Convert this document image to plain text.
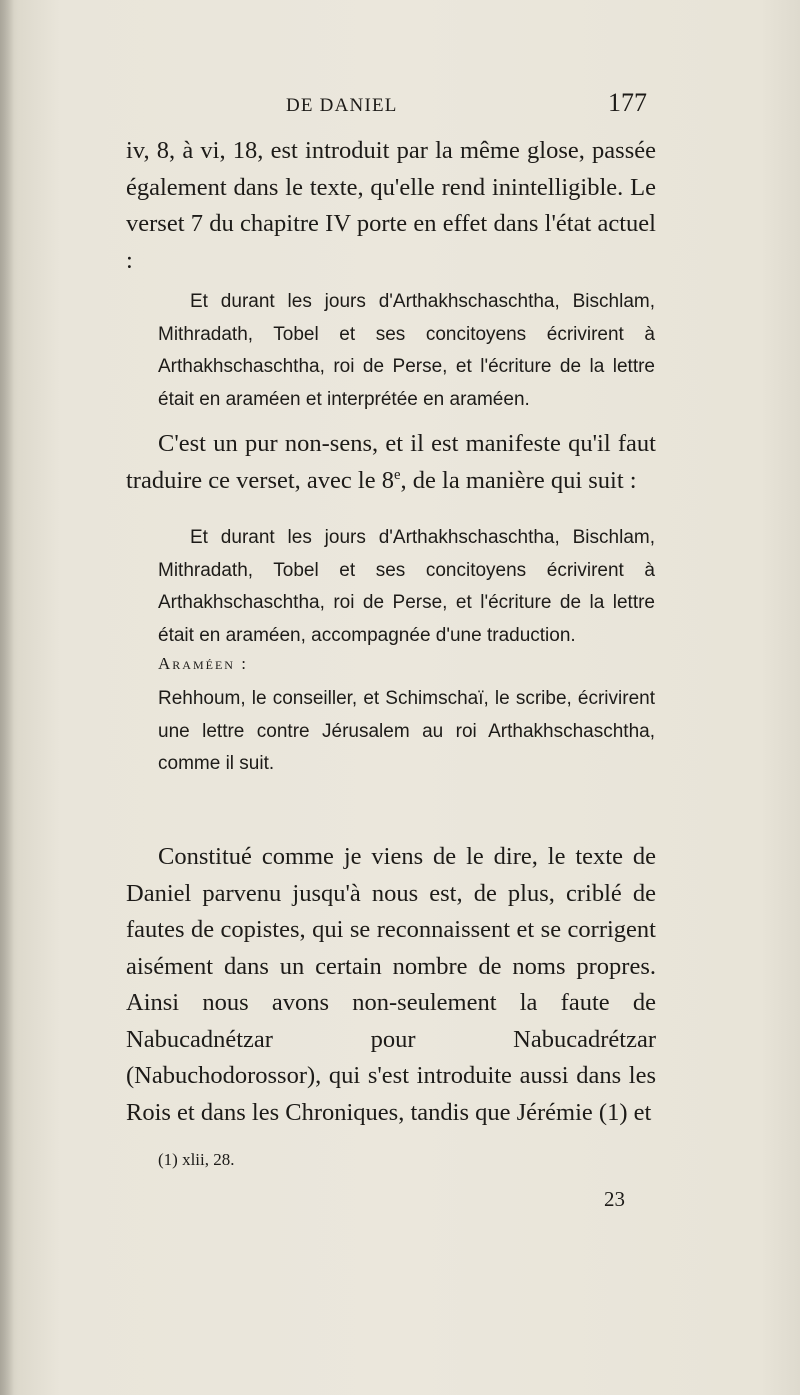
DE DANIEL	177

iv, 8, à vi, 18, est introduit par la même glose, passée également dans le texte, qu'elle rend inintelligible. Le verset 7 du chapitre IV porte en effet dans l'état actuel :

Et durant les jours d'Arthakhschaschtha, Bischlam, Mithradath, Tobel et ses concitoyens écrivirent à Arthakhschaschtha, roi de Perse, et l'écriture de la lettre était en araméen et interprétée en araméen.

C'est un pur non-sens, et il est manifeste qu'il faut traduire ce verset, avec le 8e, de la manière qui suit :

Et durant les jours d'Arthakhschaschtha, Bischlam, Mithradath, Tobel et ses concitoyens écrivirent à Arthakhschaschtha, roi de Perse, et l'écriture de la lettre était en araméen, accompagnée d'une traduction.

Araméen :

Rehhoum, le conseiller, et Schimschaï, le scribe, écrivirent une lettre contre Jérusalem au roi Arthakhschaschtha, comme il suit.

Constitué comme je viens de le dire, le texte de Daniel parvenu jusqu'à nous est, de plus, criblé de fautes de copistes, qui se reconnaissent et se corrigent aisément dans un certain nombre de noms propres. Ainsi nous avons non-seulement la faute de Nabucadnétzar pour Nabucadrétzar (Nabuchodorossor), qui s'est introduite aussi dans les Rois et dans les Chroniques, tandis que Jérémie (1) et

(1) xlii, 28.
23
